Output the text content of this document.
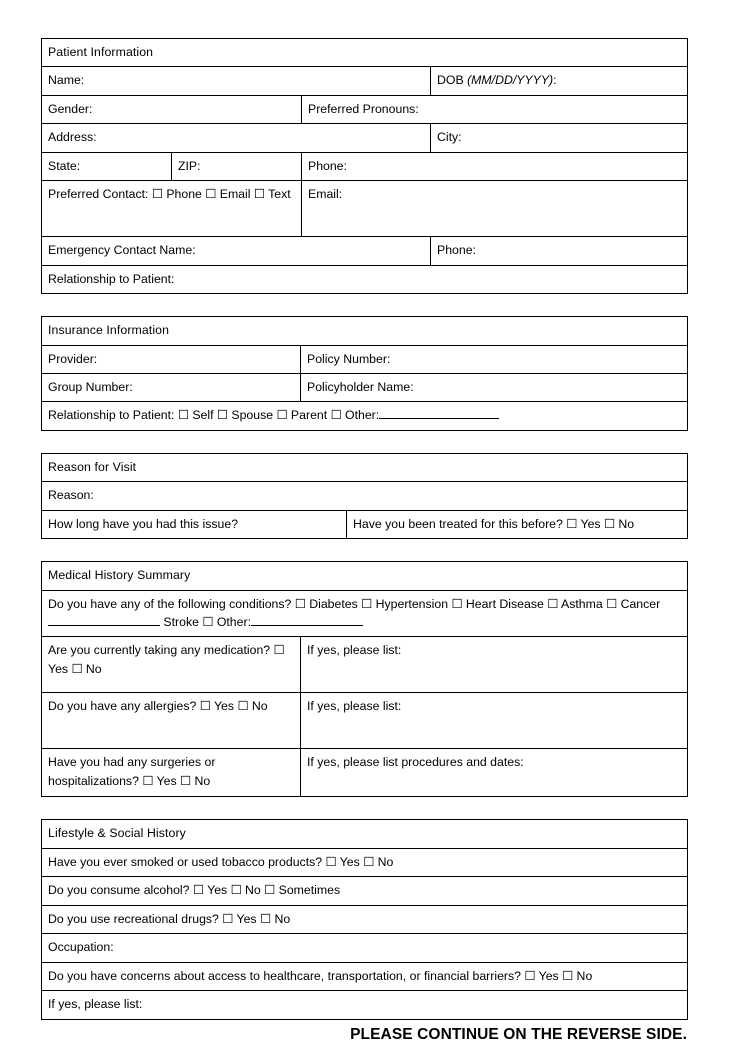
Patient Information			
Name:			DOB (MM/DD/YYYY):
Gender:		Preferred Pronouns:	
Address:			City:
State:	ZIP:	Phone:	
Preferred Contact: ☐ Phone ☐ Email ☐ Text		Email:	
Emergency Contact Name:			Phone:
Relationship to Patient:			
Insurance Information	
Provider:	Policy Number:
Group Number:	Policyholder Name:
Relationship to Patient: ☐ Self ☐ Spouse ☐ Parent ☐ Other:	
Reason for Visit
Reason:
How long have you had this issue?	Have you been treated for this before? ☐ Yes ☐ No
Medical History Summary	
Do you have any of the following conditions? ☐ Diabetes ☐ Hypertension ☐ Heart Disease ☐ Asthma ☐ Cancer Stroke ☐ Other:	
Are you currently taking any medication? ☐ Yes ☐ No	If yes, please list:
Do you have any allergies? ☐ Yes ☐ No	If yes, please list:
Have you had any surgeries or hospitalizations? ☐ Yes ☐ No	If yes, please list procedures and dates:
Lifestyle & Social History
Have you ever smoked or used tobacco products? ☐ Yes ☐ No
Do you consume alcohol? ☐ Yes ☐ No ☐ Sometimes
Do you use recreational drugs? ☐ Yes ☐ No
Occupation:
Do you have concerns about access to healthcare, transportation, or financial barriers? ☐ Yes ☐ No
If yes, please list:
PLEASE CONTINUE ON THE REVERSE SIDE.
